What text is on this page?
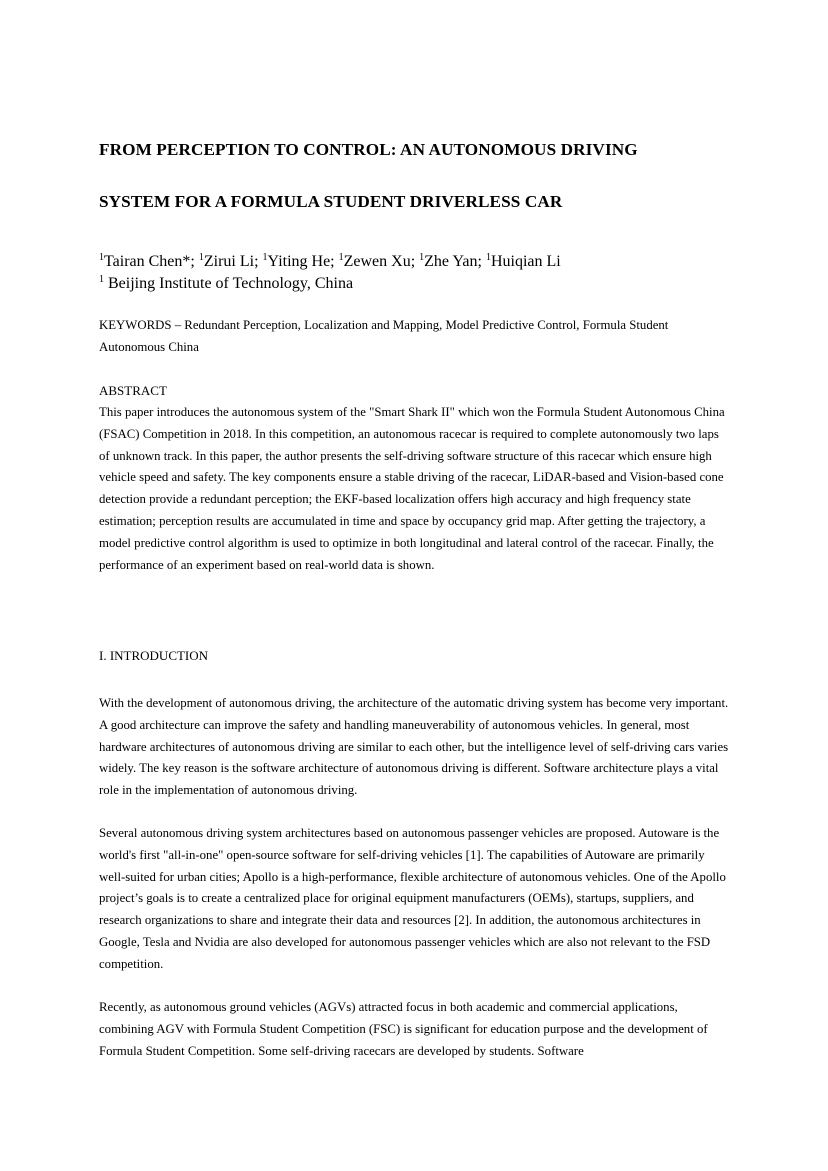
FROM PERCEPTION TO CONTROL: AN AUTONOMOUS DRIVING
SYSTEM FOR A FORMULA STUDENT DRIVERLESS CAR
$^1$Tairan Chen*; $^1$Zirui Li; $^1$Yiting He; $^1$Zewen Xu; $^1$Zhe Yan; $^1$Huiqian Li
$^1$ Beijing Institute of Technology, China

KEYWORDS – Redundant Perception, Localization and Mapping, Model Predictive Control, Formula Student Autonomous China

ABSTRACT

This paper introduces the autonomous system of the "Smart Shark II" which won the Formula Student Autonomous China (FSAC) Competition in 2018. In this competition, an autonomous racecar is required to complete autonomously two laps of unknown track. In this paper, the author presents the self-driving software structure of this racecar which ensure high vehicle speed and safety. The key components ensure a stable driving of the racecar, LiDAR-based and Vision-based cone detection provide a redundant perception; the EKF-based localization offers high accuracy and high frequency state estimation; perception results are accumulated in time and space by occupancy grid map. After getting the trajectory, a model predictive control algorithm is used to optimize in both longitudinal and lateral control of the racecar. Finally, the performance of an experiment based on real-world data is shown.

I. INTRODUCTION

With the development of autonomous driving, the architecture of the automatic driving system has become very important. A good architecture can improve the safety and handling maneuverability of autonomous vehicles. In general, most hardware architectures of autonomous driving are similar to each other, but the intelligence level of self-driving cars varies widely. The key reason is the software architecture of autonomous driving is different. Software architecture plays a vital role in the implementation of autonomous driving.

Several autonomous driving system architectures based on autonomous passenger vehicles are proposed. Autoware is the world's first "all-in-one" open-source software for self-driving vehicles [1]. The capabilities of Autoware are primarily well-suited for urban cities; Apollo is a high-performance, flexible architecture of autonomous vehicles. One of the Apollo project’s goals is to create a centralized place for original equipment manufacturers (OEMs), startups, suppliers, and research organizations to share and integrate their data and resources [2]. In addition, the autonomous architectures in Google, Tesla and Nvidia are also developed for autonomous passenger vehicles which are also not relevant to the FSD competition.

Recently, as autonomous ground vehicles (AGVs) attracted focus in both academic and commercial applications, combining AGV with Formula Student Competition (FSC) is significant for education purpose and the development of Formula Student Competition. Some self-driving racecars are developed by students. Software
